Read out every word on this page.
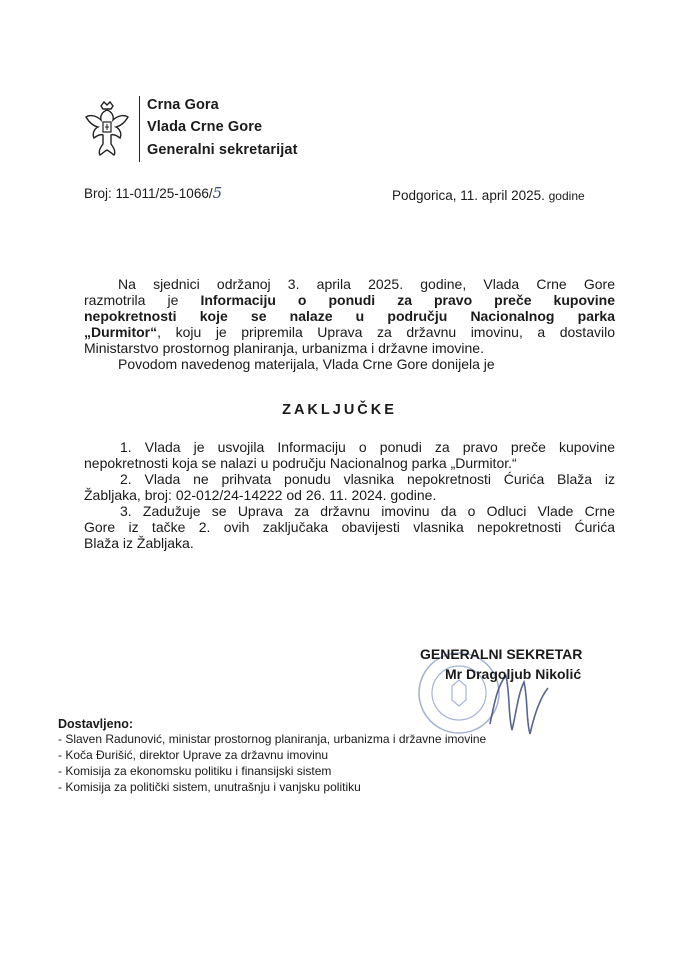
Crna Gora
Vlada Crne Gore
Generalni sekretarijat
Broj: 11-011/25-1066/5	Podgorica, 11. april 2025. godine
Na sjednici održanoj 3. aprila 2025. godine, Vlada Crne Gore
razmotrila je Informaciju o ponudi za pravo preče kupovine
nepokretnosti koje se nalaze u području Nacionalnog parka
„Durmitor“, koju je pripremila Uprava za državnu imovinu, a dostavilo
Ministarstvo prostornog planiranja, urbanizma i državne imovine.
Povodom navedenog materijala, Vlada Crne Gore donijela je
ZAKLJUČKE
1. Vlada je usvojila Informaciju o ponudi za pravo preče kupovine
nepokretnosti koja se nalazi u području Nacionalnog parka „Durmitor.“
2. Vlada ne prihvata ponudu vlasnika nepokretnosti Ćurića Blaža iz
Žabljaka, broj: 02-012/24-14222 od 26. 11. 2024. godine.
3. Zadužuje se Uprava za državnu imovinu da o Odluci Vlade Crne
Gore iz tačke 2. ovih zaključaka obavijesti vlasnika nepokretnosti Ćurića
Blaža iz Žabljaka.
GENERALNI SEKRETAR
Mr Dragoljub Nikolić
Dostavljeno:
- Slaven Radunović, ministar prostornog planiranja, urbanizma i državne imovine
- Koča Đurišić, direktor Uprave za državnu imovinu
- Komisija za ekonomsku politiku i finansijski sistem
- Komisija za politički sistem, unutrašnju i vanjsku politiku
